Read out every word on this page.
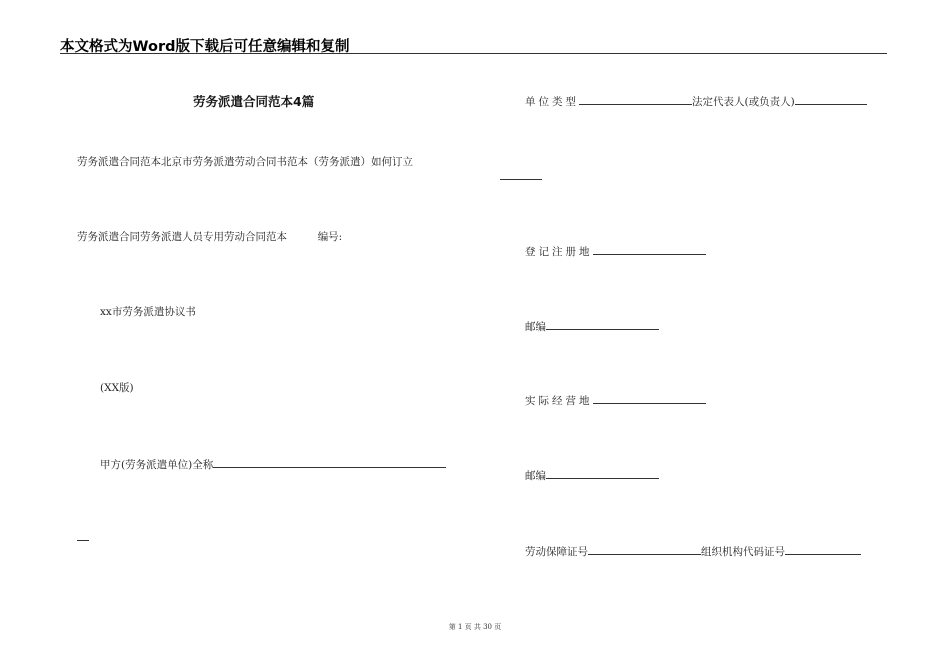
本文格式为Word版下载后可任意编辑和复制
劳务派遣合同范本4篇
劳务派遣合同范本北京市劳务派遣劳动合同书范本（劳务派遣）如何订立
劳务派遣合同劳务派遣人员专用劳动合同范本	编号:
xx市劳务派遣协议书
(XX版)
甲方(劳务派遣单位)全称
单位类型	法定代表人(或负责人)
登记注册地
邮编
实际经营地
邮编
劳动保障证号	组织机构代码证号
第 1 页 共 30 页
